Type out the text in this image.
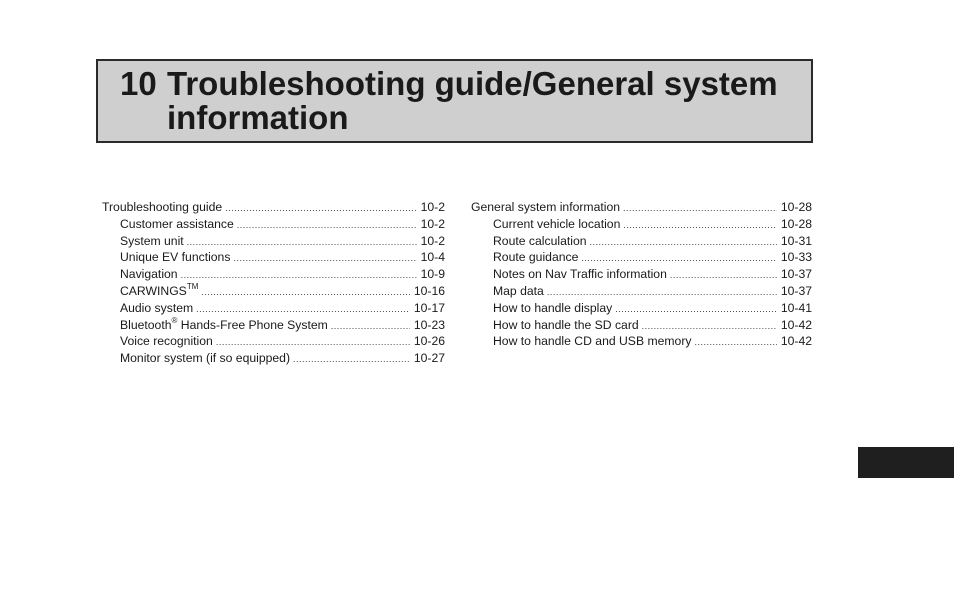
10 Troubleshooting guide/General system information
Troubleshooting guide .....	10-2
Customer assistance .....	10-2
System unit .....	10-2
Unique EV functions .....	10-4
Navigation .....	10-9
CARWINGS™ .....	10-16
Audio system .....	10-17
Bluetooth® Hands-Free Phone System .....	10-23
Voice recognition .....	10-26
Monitor system (if so equipped) .....	10-27
General system information .....	10-28
Current vehicle location .....	10-28
Route calculation .....	10-31
Route guidance .....	10-33
Notes on Nav Traffic information .....	10-37
Map data .....	10-37
How to handle display .....	10-41
How to handle the SD card .....	10-42
How to handle CD and USB memory .....	10-42
